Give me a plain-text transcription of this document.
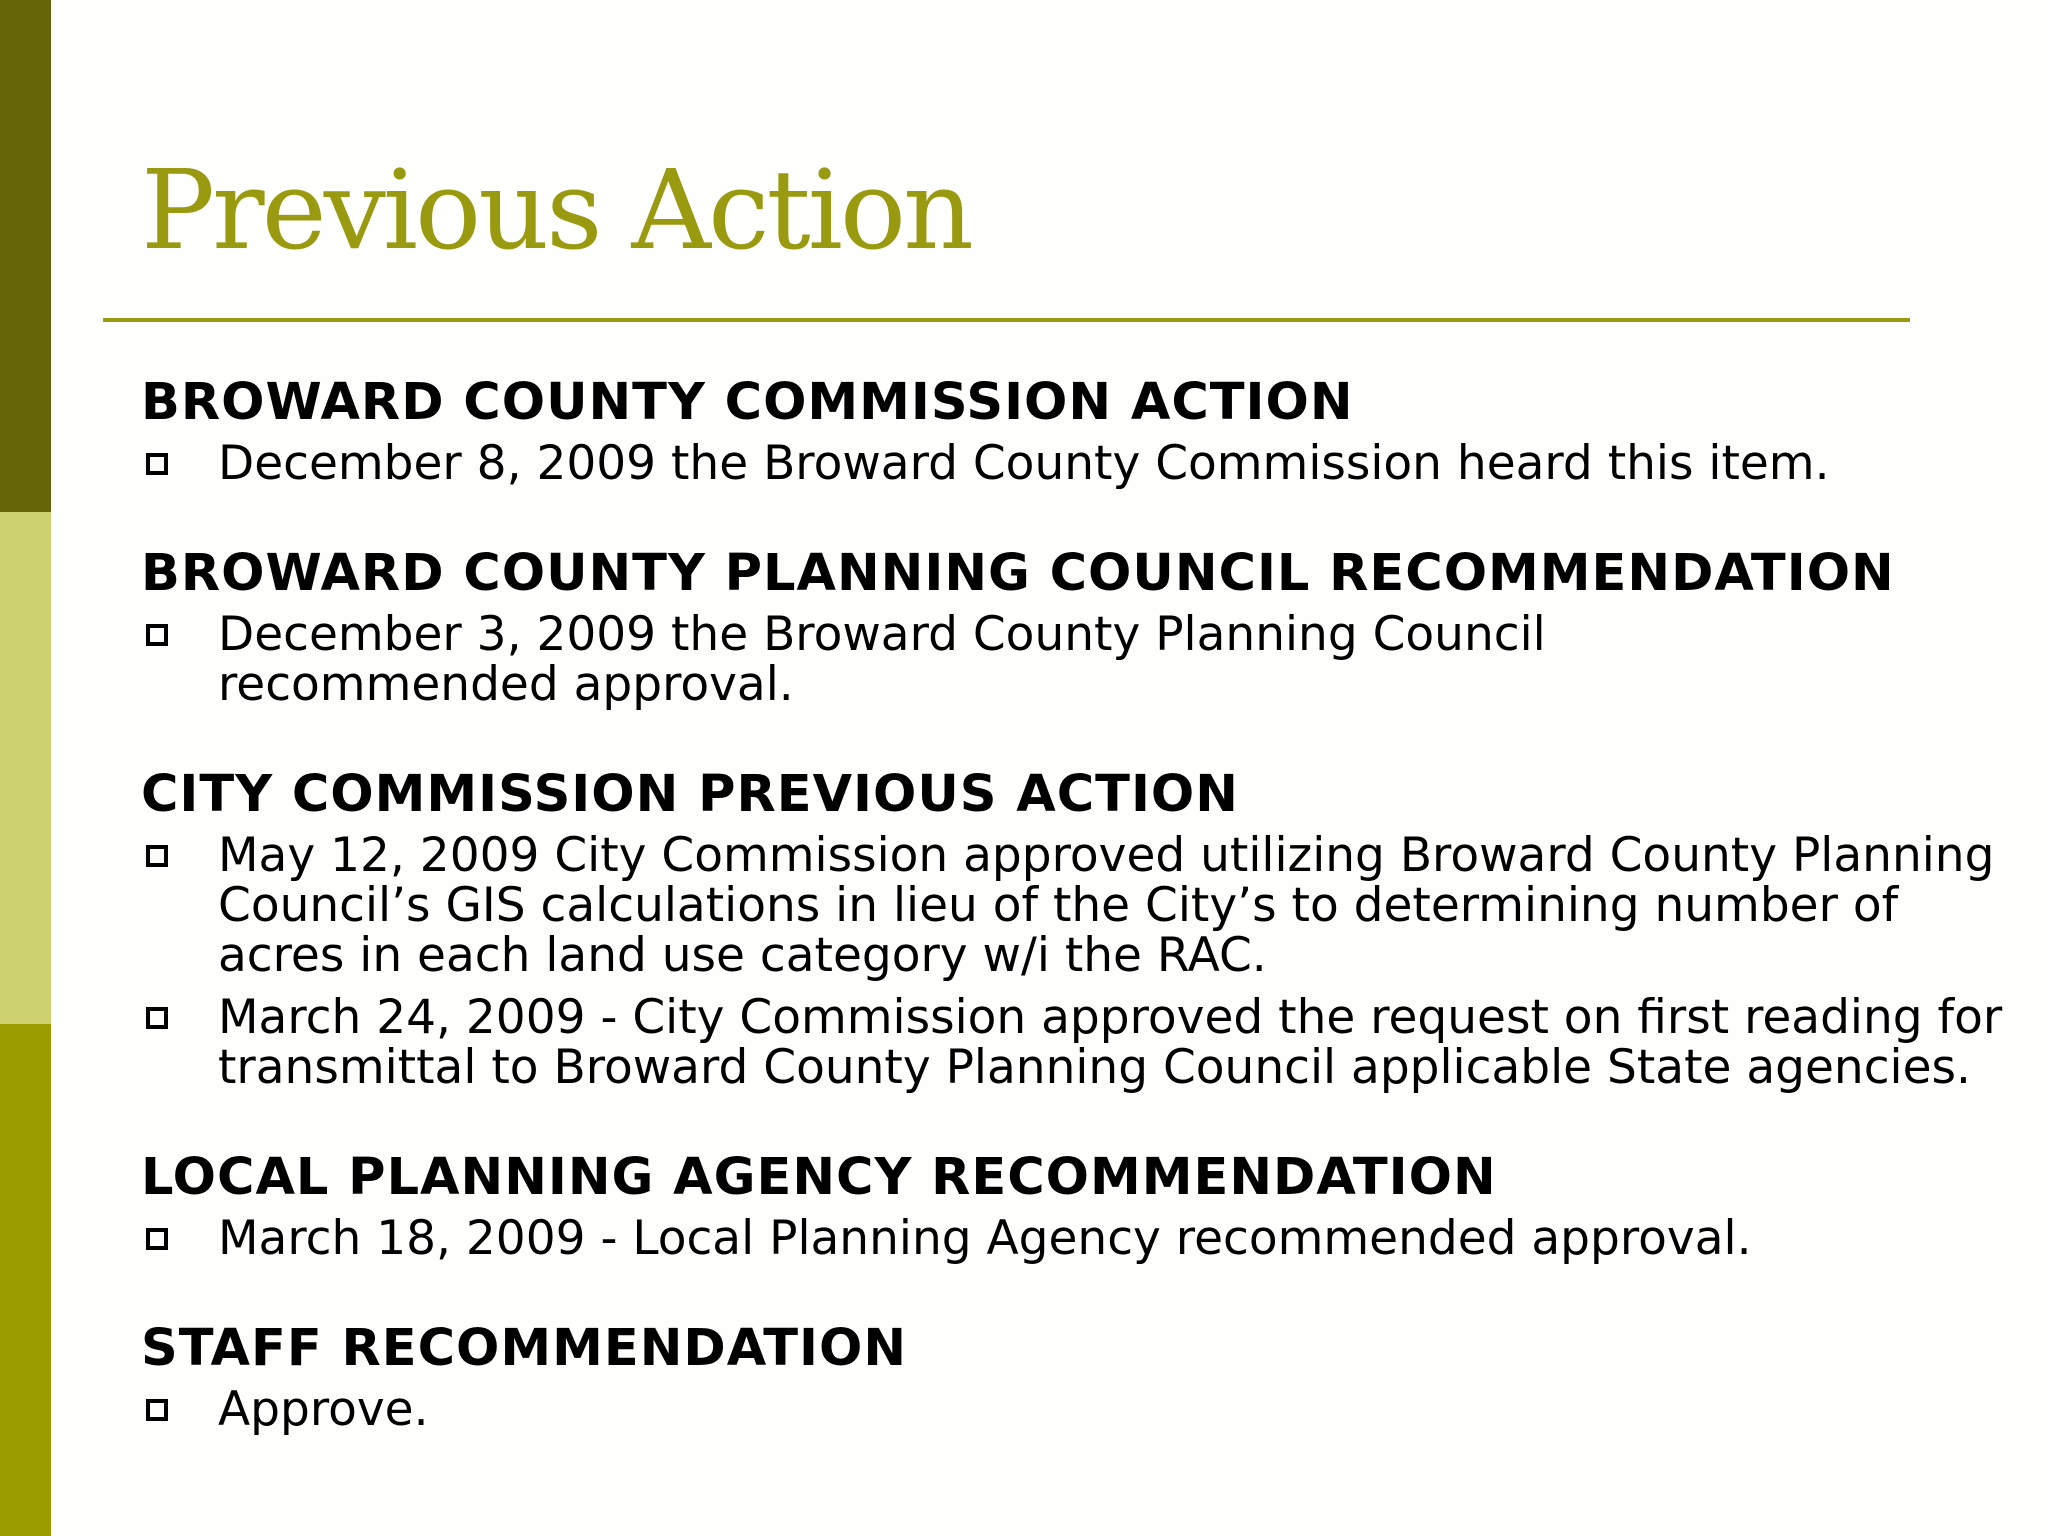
Previous Action
BROWARD COUNTY COMMISSION ACTION
December 8, 2009 the Broward County Commission heard this item.
BROWARD COUNTY PLANNING COUNCIL RECOMMENDATION
December 3, 2009 the Broward County Planning Council recommended approval.
CITY COMMISSION PREVIOUS ACTION
May 12, 2009 City Commission approved utilizing Broward County Planning Council’s GIS calculations in lieu of the City’s to determining number of acres in each land use category w/i the RAC.
March 24, 2009 - City Commission approved the request on first reading for transmittal to Broward County Planning Council applicable State agencies.
LOCAL PLANNING AGENCY RECOMMENDATION
March 18, 2009 - Local Planning Agency recommended approval.
STAFF RECOMMENDATION
Approve.
